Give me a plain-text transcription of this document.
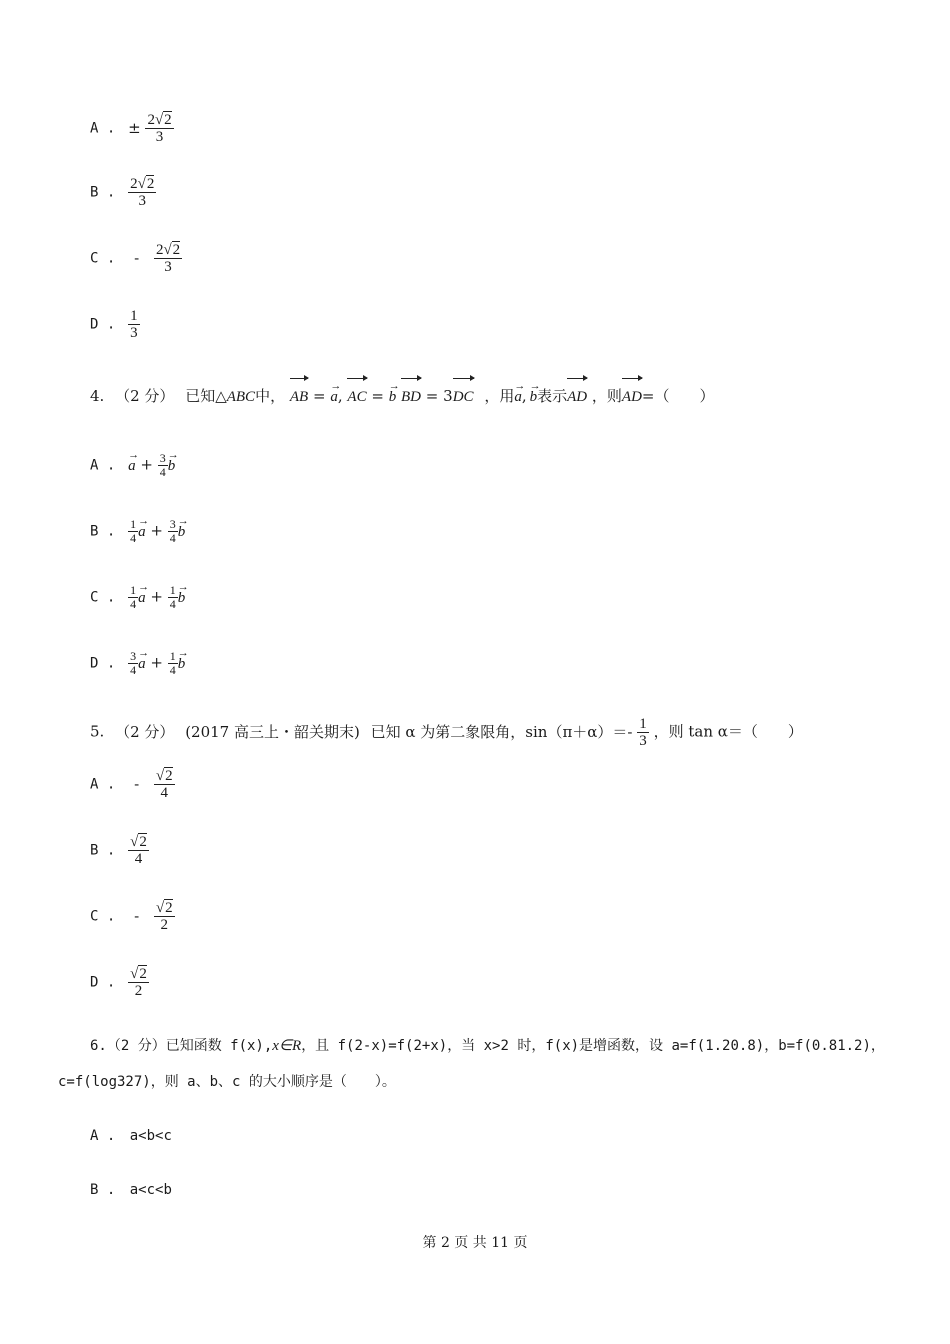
A . ± $\frac{2√2}{3}$
B . $\frac{2√2}{3}$
C . - $\frac{2√2}{3}$
D . $\frac{1}{3}$
4. （2 分） 已知△ABC中， AB = → a, AC = → b BD = 3
DC ，用→ a,→ b表示
AD ，则
AD=（　　）
A . → $a + \frac{3}{4}$
→ b
B . $\frac{1}{4}$
→ $a + \frac{3}{4}$
→ b
C . $\frac{1}{4}$
→ $a + \frac{1}{4}$
→ b
D . $\frac{3}{4}$
→ $a + \frac{1}{4}$
→ b
5. （2 分） (2017 高三上・韶关期末) 已知 α 为第二象限角，$\sin(\pi+\alpha)=- \frac{1}{3}$ ，则 tan α＝（　　）
A . - $\frac{√2}{4}$
B . $\frac{√2}{4}$
C . - $\frac{√2}{2}$
D . $\frac{√2}{2}$
6.（2 分）已知函数 f(x),x∈R，且 f(2-x)=f(2+x)，当 x>2 时，f(x)是增函数，设 a=f(1.20.8)，b=f(0.81.2)，
c=f(log327)，则 a、b、c 的大小顺序是（　　）。
A . a<b<c
B . a<c<b
第 2 页 共 11 页
